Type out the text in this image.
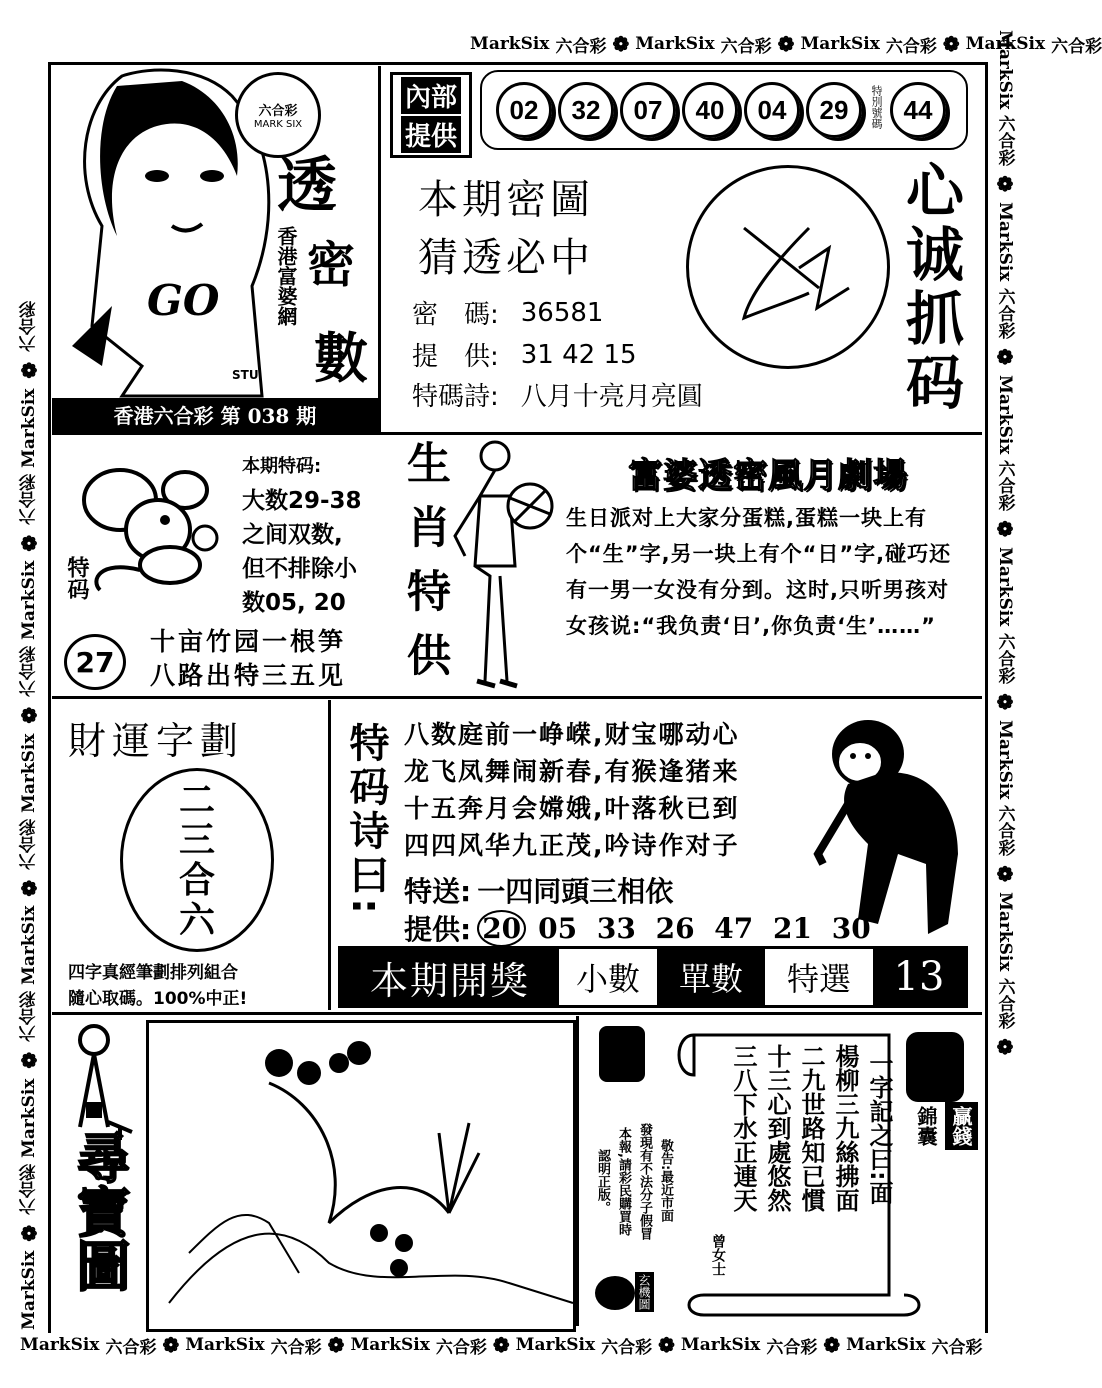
MarkSix 六合彩 ❁ MarkSix 六合彩 ❁ MarkSix 六合彩 ❁ MarkSix 六合彩
MarkSix 六合彩 ❁ MarkSix 六合彩 ❁ MarkSix 六合彩 ❁ MarkSix 六合彩 ❁ MarkSix 六合彩 ❁ MarkSix 六合彩
MarkSix
❁
六合彩
MarkSix
❁
六合彩
MarkSix
❁
六合彩
MarkSix
❁
六合彩
MarkSix
❁
六合彩
MarkSix
❁
六合彩
MarkSix
六合彩
❁
MarkSix
六合彩
❁
MarkSix
六合彩
❁
MarkSix
六合彩
❁
MarkSix
六合彩
❁
MarkSix
六合彩
❁
GO
STU
六合彩
MARK SIX
透
密
數
香港富婆網
香港六合彩 第 038 期
內部
提供
02	32	07	40	04	29	特別號碼 44
本期密圖
猜透必中
密　碼: 36581
提　供: 31 42 15
特碼詩: 八月十亮月亮圓	心诚抓码
特码
27
本期特码:
大数29-38
之间双数,
但不排除小
数05, 20
十亩竹园一根笋
八路出特三五见 生肖特供	富婆透密風月劇場
生日派对上大家分蛋糕,蛋糕一块上有个“生”字,另一块上有个“日”字,碰巧还有一男一女没有分到。这时,只听男孩对女孩说:“我负责‘日’,你负责‘生’……”
財運字劃
二
三
合
六
四字真經筆劃排列組合
隨心取碼。100%中正!
特码诗曰: 八数庭前一峥嵘,财宝哪动心
龙飞凤舞闹新春,有猴逢猪来
十五奔月会嫦娥,叶落秋已到
四四风华九正茂,吟诗作对子
特送: 一四同頭三相依
提供: 20 05 33 26 47 21 30
本期開獎	小數	單數	特選	13
尋寶圖	敬告:最近市面
發現有不法分子假冒
本報,請彩民購買時
認明正版。
玄機圖
一字記之曰:面
楊柳三九絲拂面
二九世路知已慣
十三心到處悠然
三八下水正連天
曾女士
贏錢
錦囊
